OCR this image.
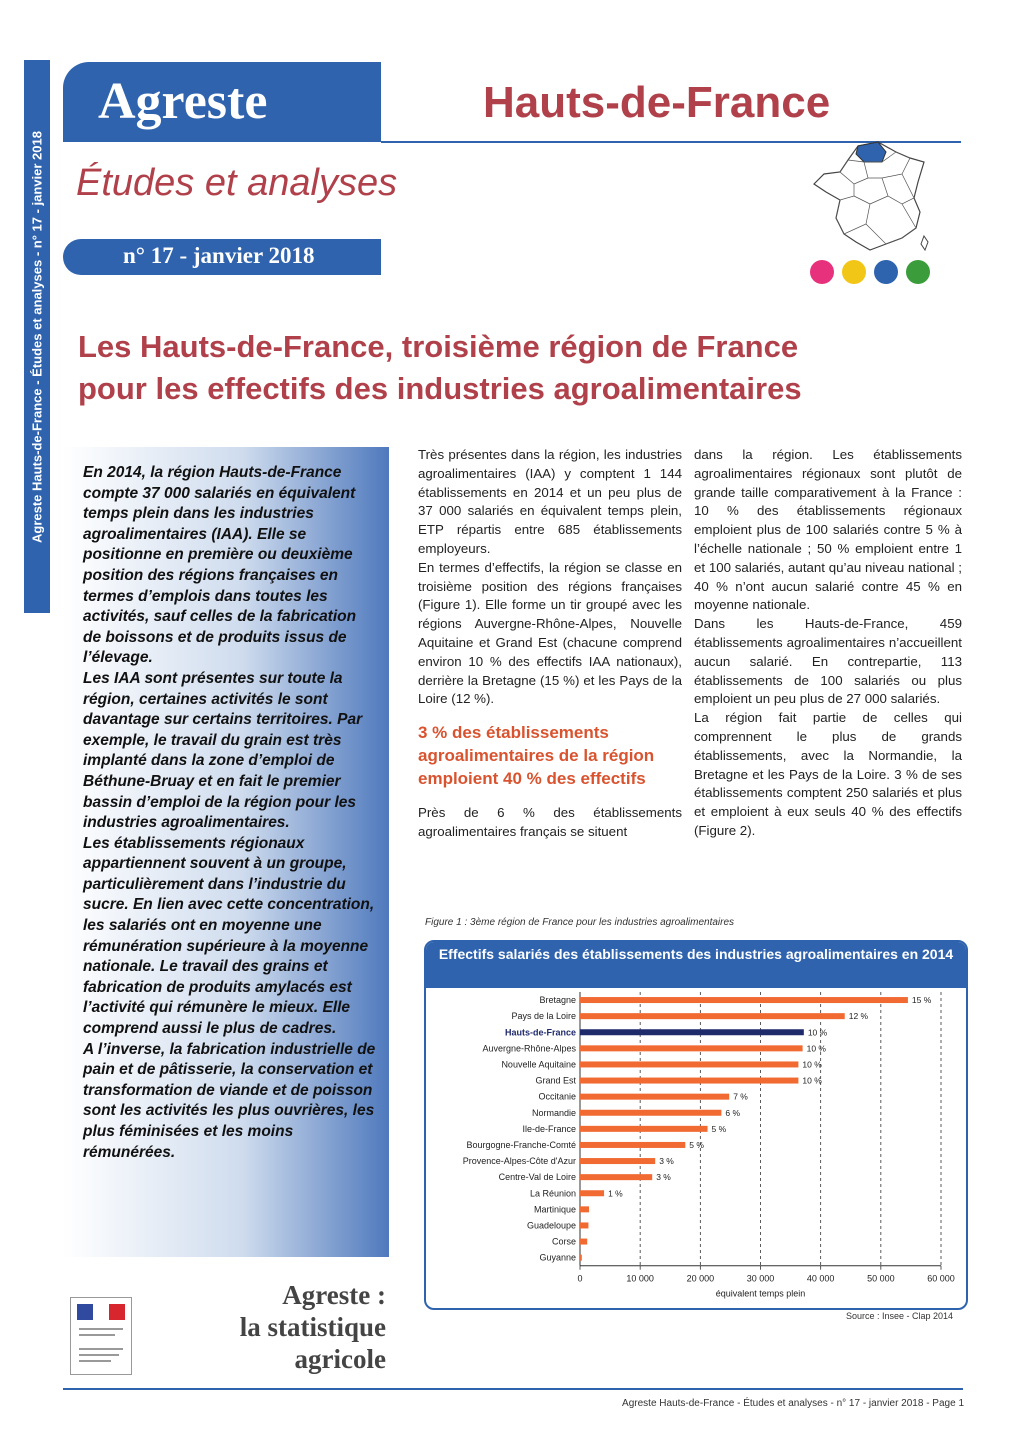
Agreste Hauts-de-France - Études et analyses - n° 17 - janvier 2018
Agreste	Hauts-de-France
Études et analyses
n° 17 - janvier 2018
Les Hauts-de-France, troisième région de France
pour les effectifs des industries agroalimentaires

En 2014, la région Hauts-de-France compte 37 000 salariés en équivalent temps plein dans les industries agroalimentaires (IAA). Elle se positionne en première ou deuxième position des régions françaises en termes d’emplois dans toutes les activités, sauf celles de la fabrication de boissons et de produits issus de l’élevage.

Les IAA sont présentes sur toute la région, certaines activités le sont davantage sur certains territoires. Par exemple, le travail du grain est très implanté dans la zone d’emploi de Béthune-Bruay et en fait le premier bassin d’emploi de la région pour les industries agroalimentaires.

Les établissements régionaux appartiennent souvent à un groupe, particulièrement dans l’industrie du sucre. En lien avec cette concentration, les salariés ont en moyenne une rémunération supérieure à la moyenne nationale. Le travail des grains et fabrication de produits amylacés est l’activité qui rémunère le mieux. Elle comprend aussi le plus de cadres.

A l’inverse, la fabrication industrielle de pain et de pâtisserie, la conservation et transformation de viande et de poisson sont les activités les plus ouvrières, les plus féminisées et les moins rémunérées.

Très présentes dans la région, les industries agroalimentaires (IAA) y comptent 1 144 établissements en 2014 et un peu plus de 37 000 salariés en équivalent temps plein, ETP répartis entre 685 établissements employeurs.

En termes d’effectifs, la région se classe en troisième position des régions françaises (Figure 1). Elle forme un tir groupé avec les régions Auvergne-Rhône-Alpes, Nouvelle Aquitaine et Grand Est (chacune comprend environ 10 % des effectifs IAA nationaux), derrière la Bretagne (15 %) et les Pays de la Loire (12 %).

3 % des établissements agroalimentaires de la région emploient 40 % des effectifs

Près de 6 % des établissements agroalimentaires français se situent

dans la région. Les établissements agroalimentaires régionaux sont plutôt de grande taille comparativement à la France : 10 % des établissements régionaux emploient plus de 100 salariés contre 5 % à l’échelle nationale ; 50 % emploient entre 1 et 100 salariés, autant qu’au niveau national ; 40 % n’ont aucun salarié contre 45 % en moyenne nationale.

Dans les Hauts-de-France, 459 établissements agroalimentaires n’accueillent aucun salarié. En contrepartie, 113 établissements de 100 salariés ou plus emploient un peu plus de 27 000 salariés.

La région fait partie de celles qui comprennent le plus de grands établissements, avec la Normandie, la Bretagne et les Pays de la Loire. 3 % de ses établissements comptent 250 salariés et plus et emploient à eux seuls 40 % des effectifs (Figure 2).

Figure 1 : 3ème région de France pour les industries agroalimentaires
Effectifs salariés des établissements des industries agroalimentaires en 2014
0	10 000	20 000	30 000	40 000	50 000	60 000
Bretagne	15 %
Pays de la Loire	12 %
Hauts-de-France	10 %
Auvergne-Rhône-Alpes	10 %
Nouvelle Aquitaine	10 %
Grand Est	10 %
Occitanie	7 %
Normandie	6 %
Ile-de-France	5 %
Bourgogne-Franche-Comté	5 %
Provence-Alpes-Côte d'Azur	3 %
Centre-Val de Loire	3 %
La Réunion	1 %
Martinique
Guadeloupe
Corse
Guyanne
équivalent temps plein
Source : Insee - Clap 2014
Agreste :
la statistique
agricole
Agreste Hauts-de-France - Études et analyses - n° 17 - janvier 2018 - Page 1
